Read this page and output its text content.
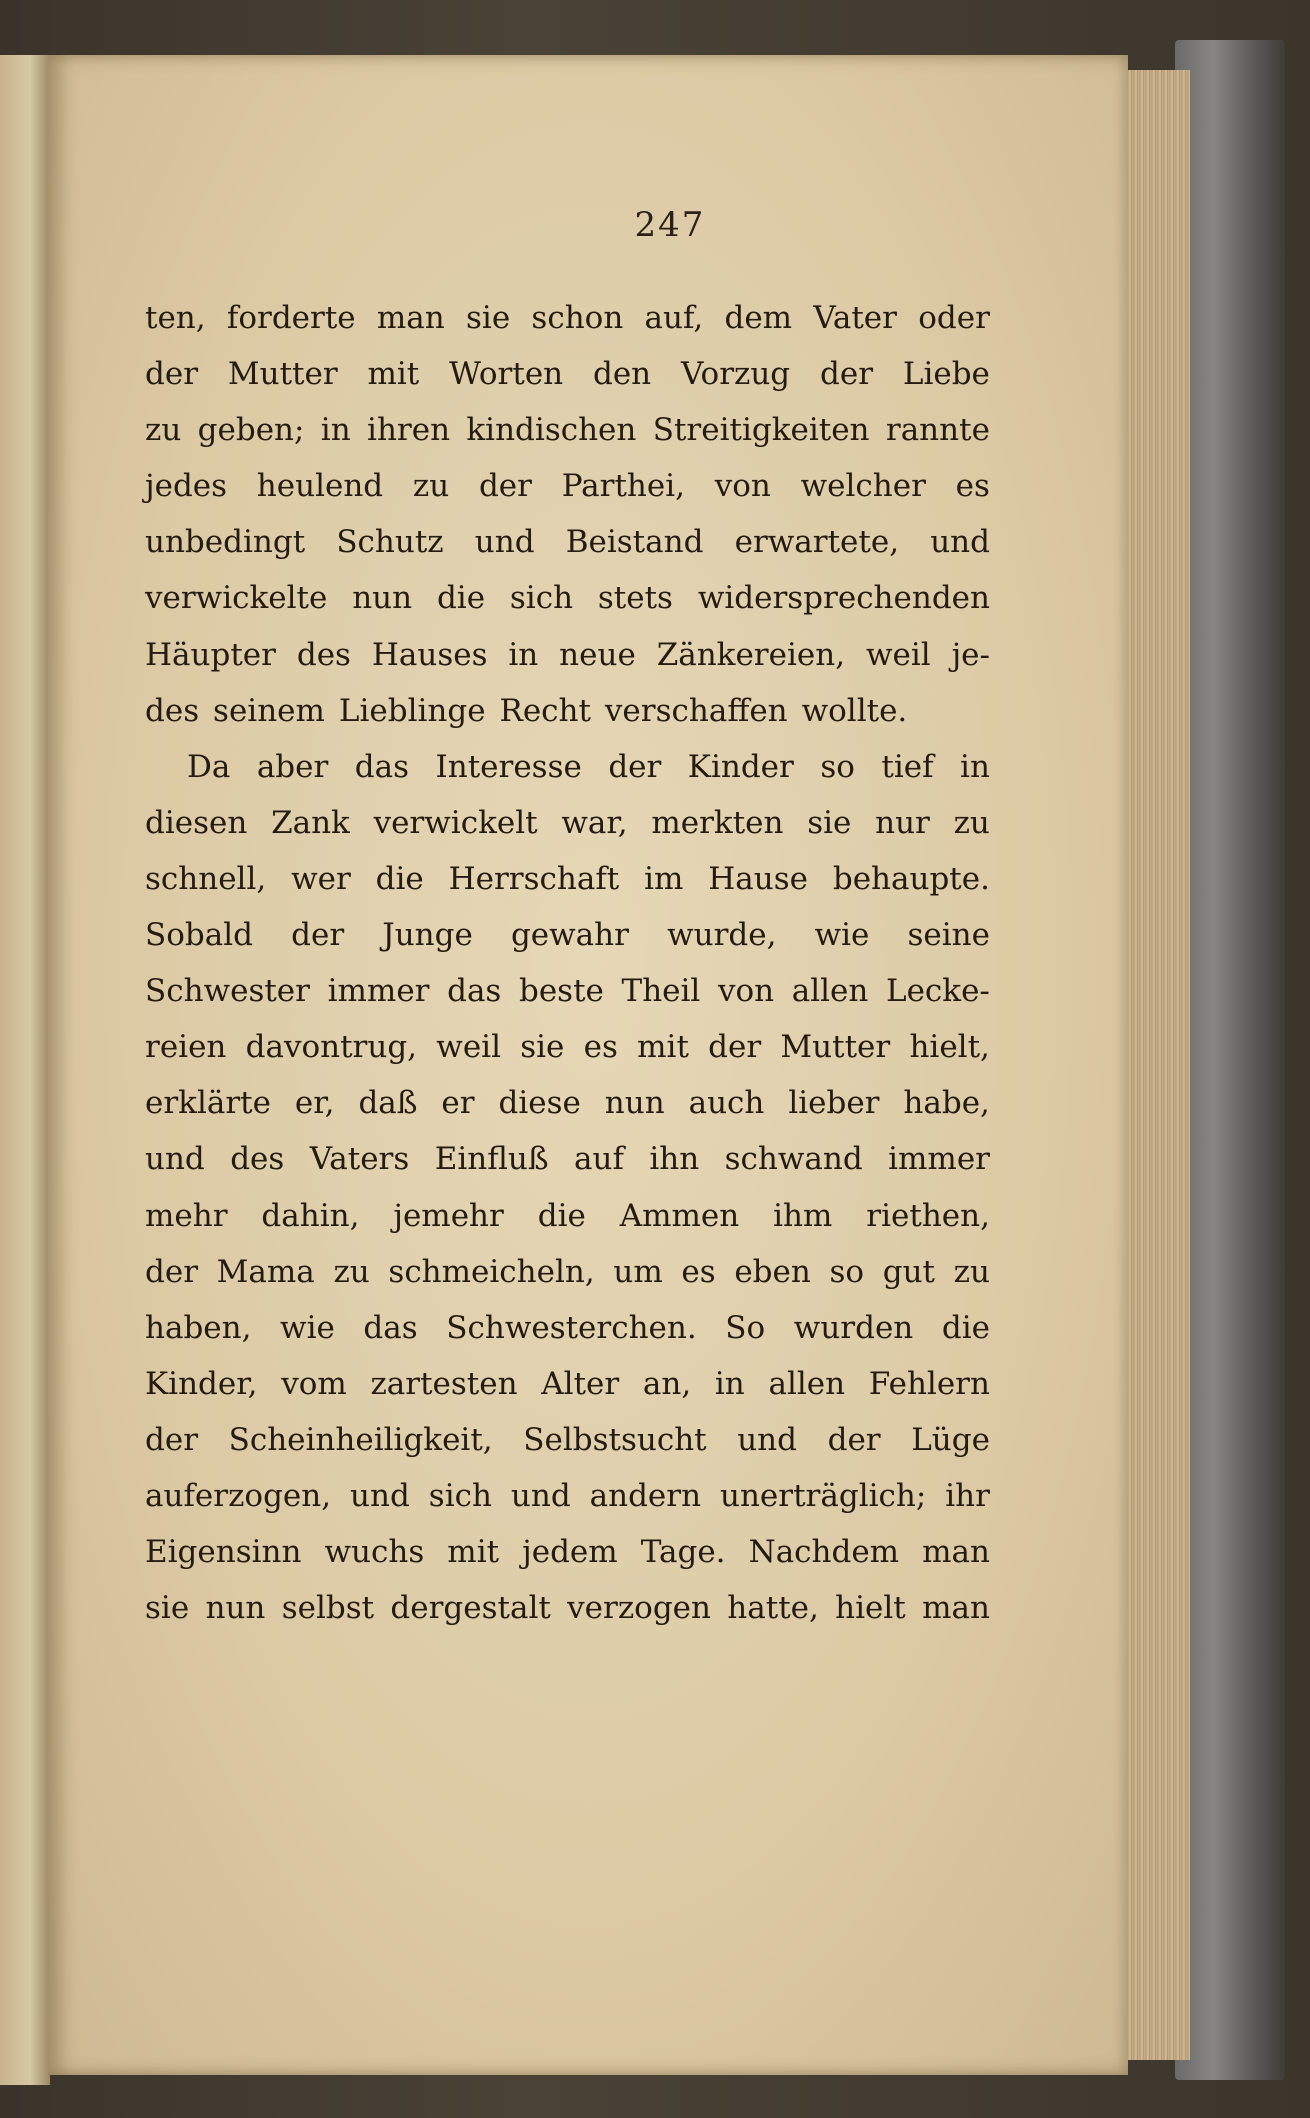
247
ten, forderte man sie schon auf, dem Vater oder
der Mutter mit Worten den Vorzug der Liebe
zu geben; in ihren kindischen Streitigkeiten rannte
jedes heulend zu der Parthei, von welcher es
unbedingt Schutz und Beistand erwartete, und
verwickelte nun die sich stets widersprechenden
Häupter des Hauses in neue Zänkereien, weil je-
des seinem Lieblinge Recht verschaffen wollte.
Da aber das Interesse der Kinder so tief in
diesen Zank verwickelt war, merkten sie nur zu
schnell, wer die Herrschaft im Hause behaupte.
Sobald der Junge gewahr wurde, wie seine
Schwester immer das beste Theil von allen Lecke-
reien davontrug, weil sie es mit der Mutter hielt,
erklärte er, daß er diese nun auch lieber habe,
und des Vaters Einfluß auf ihn schwand immer
mehr dahin, jemehr die Ammen ihm riethen,
der Mama zu schmeicheln, um es eben so gut zu
haben, wie das Schwesterchen. So wurden die
Kinder, vom zartesten Alter an, in allen Fehlern
der Scheinheiligkeit, Selbstsucht und der Lüge
auferzogen, und sich und andern unerträglich; ihr
Eigensinn wuchs mit jedem Tage. Nachdem man
sie nun selbst dergestalt verzogen hatte, hielt man
